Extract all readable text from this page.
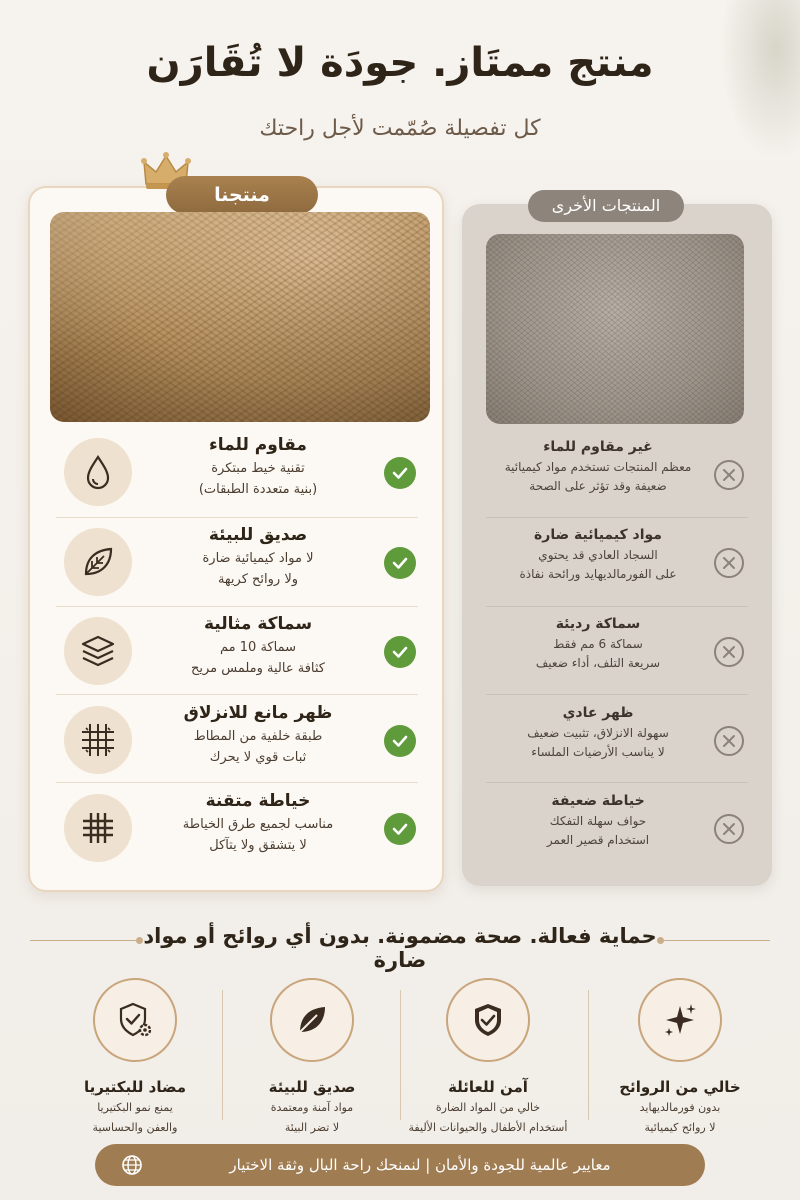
منتج ممتَاز. جودَة لا تُقَارَن

كل تفصيلة صُمّمت لأجل راحتك

منتجنا	المنتجات الأخرى
مقاوم للماء
تقنية خيط مبتكرة
(بنية متعددة الطبقات)
صديق للبيئة
لا مواد كيميائية ضارة
ولا روائح كريهة
سماكة مثالية
سماكة 10 مم
كثافة عالية وملمس مريح
ظهر مانع للانزلاق
طبقة خلفية من المطاط
ثبات قوي لا يحرك
خياطة متقنة
مناسب لجميع طرق الخياطة
لا يتشقق ولا يتآكل
غير مقاوم للماء
معظم المنتجات تستخدم مواد كيميائية
ضعيفة وقد تؤثر على الصحة
مواد كيميائية ضارة
السجاد العادي قد يحتوي
على الفورمالديهايد ورائحة نفاذة
سماكة رديئة
سماكة 6 مم فقط
سريعة التلف، أداء ضعيف
ظهر عادي
سهولة الانزلاق، تثبيت ضعيف
لا يناسب الأرضيات الملساء
خياطة ضعيفة
حواف سهلة التفكك
استخدام قصير العمر
حماية فعالة. صحة مضمونة. بدون أي روائح أو مواد ضارة
خالي من الروائح
بدون فورمالديهايد
لا روائح كيميائية
آمن للعائلة
خالي من المواد الضارة
أستخدام الأطفال والحيوانات الأليفة
صديق للبيئة
مواد آمنة ومعتمدة
لا تضر البيئة
مضاد للبكتيريا
يمنع نمو البكتيريا
والعفن والحساسية
معايير عالمية للجودة والأمان | لنمنحك راحة البال وثقة الاختيار
